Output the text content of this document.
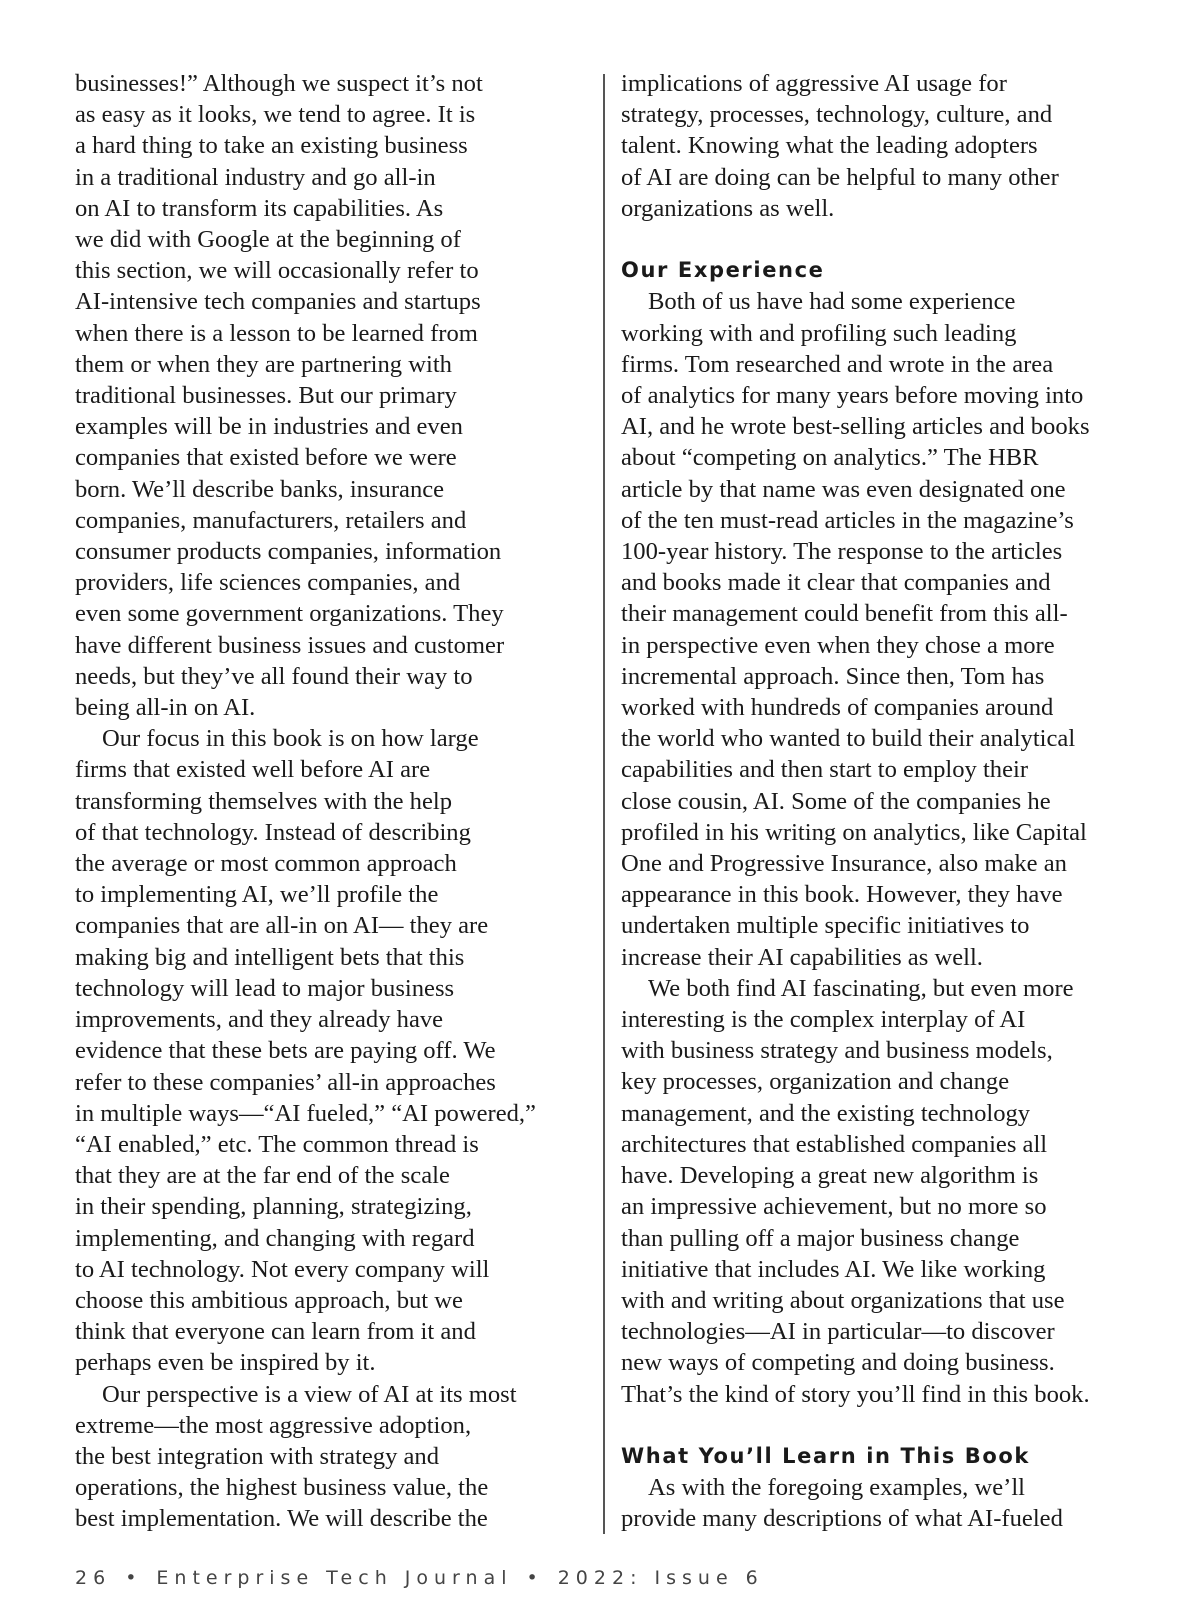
businesses!” Although we suspect it’s not
as easy as it looks, we tend to agree. It is
a hard thing to take an existing business
in a traditional industry and go all-in
on AI to transform its capabilities. As
we did with Google at the beginning of
this section, we will occasionally refer to
AI-intensive tech companies and startups
when there is a lesson to be learned from
them or when they are partnering with
traditional businesses. But our primary
examples will be in industries and even
companies that existed before we were
born. We’ll describe banks, insurance
companies, manufacturers, retailers and
consumer products companies, information
providers, life sciences companies, and
even some government organizations. They
have different business issues and customer
needs, but they’ve all found their way to
being all-in on AI.

Our focus in this book is on how large
firms that existed well before AI are
transforming themselves with the help
of that technology. Instead of describing
the average or most common approach
to implementing AI, we’ll profile the
companies that are all-in on AI— they are
making big and intelligent bets that this
technology will lead to major business
improvements, and they already have
evidence that these bets are paying off. We
refer to these companies’ all-in approaches
in multiple ways—“AI fueled,” “AI powered,”
“AI enabled,” etc. The common thread is
that they are at the far end of the scale
in their spending, planning, strategizing,
implementing, and changing with regard
to AI technology. Not every company will
choose this ambitious approach, but we
think that everyone can learn from it and
perhaps even be inspired by it.

Our perspective is a view of AI at its most
extreme—the most aggressive adoption,
the best integration with strategy and
operations, the highest business value, the
best implementation. We will describe the

implications of aggressive AI usage for
strategy, processes, technology, culture, and
talent. Knowing what the leading adopters
of AI are doing can be helpful to many other
organizations as well.

Our Experience

Both of us have had some experience
working with and profiling such leading
firms. Tom researched and wrote in the area
of analytics for many years before moving into
AI, and he wrote best-selling articles and books
about “competing on analytics.” The HBR
article by that name was even designated one
of the ten must-read articles in the magazine’s
100-year history. The response to the articles
and books made it clear that companies and
their management could benefit from this all-
in perspective even when they chose a more
incremental approach. Since then, Tom has
worked with hundreds of companies around
the world who wanted to build their analytical
capabilities and then start to employ their
close cousin, AI. Some of the companies he
profiled in his writing on analytics, like Capital
One and Progressive Insurance, also make an
appearance in this book. However, they have
undertaken multiple specific initiatives to
increase their AI capabilities as well.

We both find AI fascinating, but even more
interesting is the complex interplay of AI
with business strategy and business models,
key processes, organization and change
management, and the existing technology
architectures that established companies all
have. Developing a great new algorithm is
an impressive achievement, but no more so
than pulling off a major business change
initiative that includes AI. We like working
with and writing about organizations that use
technologies—AI in particular—to discover
new ways of competing and doing business.
That’s the kind of story you’ll find in this book.

What You’ll Learn in This Book

As with the foregoing examples, we’ll
provide many descriptions of what AI-fueled

26 • Enterprise Tech Journal • 2022: Issue 6
